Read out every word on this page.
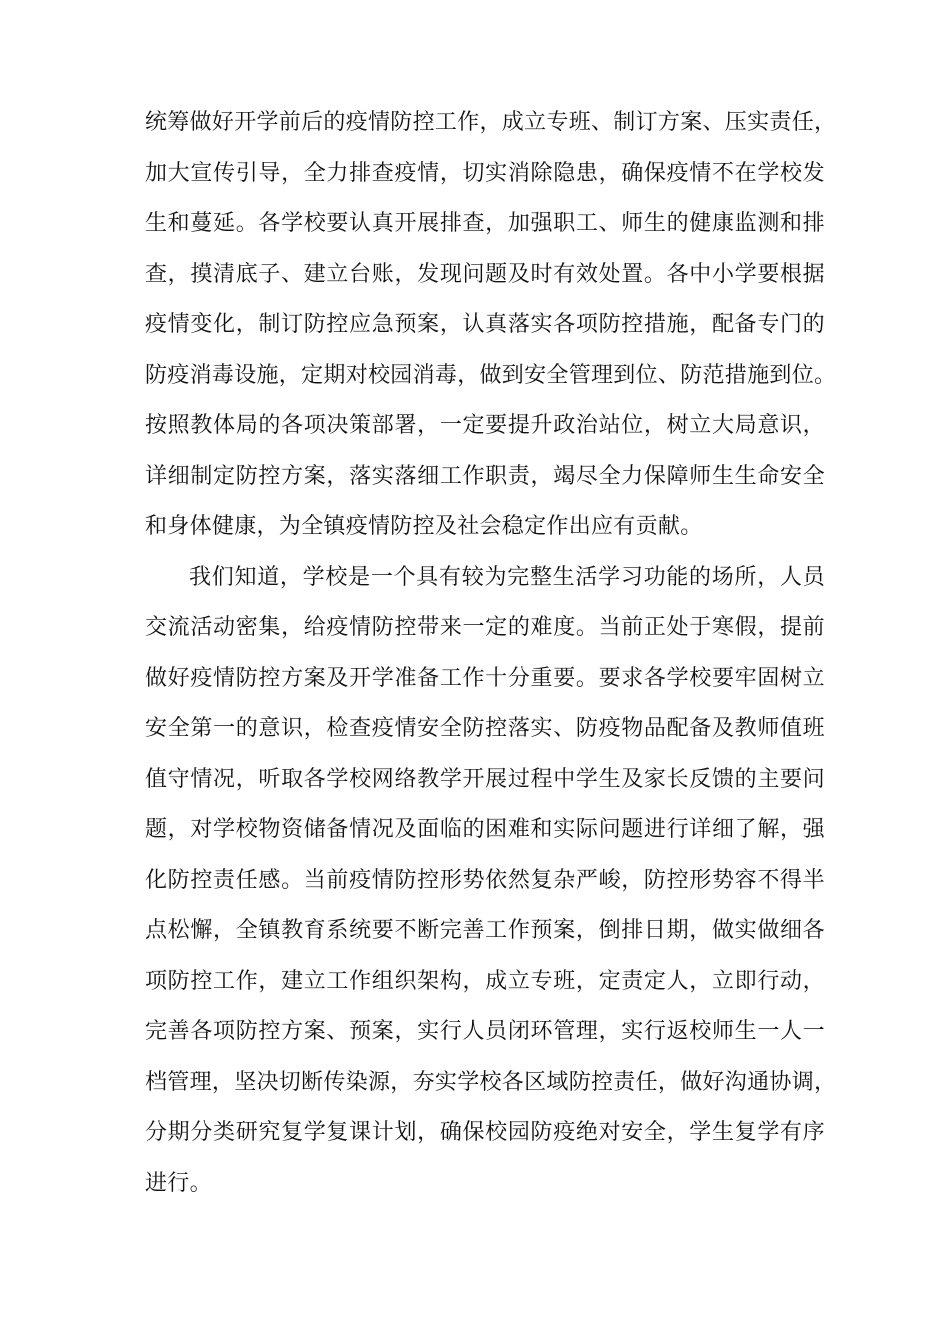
统筹做好开学前后的疫情防控工作，成立专班、制订方案、压实责任，
加大宣传引导，全力排查疫情，切实消除隐患，确保疫情不在学校发
生和蔓延。各学校要认真开展排查，加强职工、师生的健康监测和排
查，摸清底子、建立台账，发现问题及时有效处置。各中小学要根据
疫情变化，制订防控应急预案，认真落实各项防控措施，配备专门的
防疫消毒设施，定期对校园消毒，做到安全管理到位、防范措施到位。
按照教体局的各项决策部署，一定要提升政治站位，树立大局意识，
详细制定防控方案，落实落细工作职责，竭尽全力保障师生生命安全
和身体健康，为全镇疫情防控及社会稳定作出应有贡献。
我们知道，学校是一个具有较为完整生活学习功能的场所，人员
交流活动密集，给疫情防控带来一定的难度。当前正处于寒假，提前
做好疫情防控方案及开学准备工作十分重要。要求各学校要牢固树立
安全第一的意识，检查疫情安全防控落实、防疫物品配备及教师值班
值守情况，听取各学校网络教学开展过程中学生及家长反馈的主要问
题，对学校物资储备情况及面临的困难和实际问题进行详细了解，强
化防控责任感。当前疫情防控形势依然复杂严峻，防控形势容不得半
点松懈，全镇教育系统要不断完善工作预案，倒排日期，做实做细各
项防控工作，建立工作组织架构，成立专班，定责定人，立即行动，
完善各项防控方案、预案，实行人员闭环管理，实行返校师生一人一
档管理，坚决切断传染源，夯实学校各区域防控责任，做好沟通协调，
分期分类研究复学复课计划，确保校园防疫绝对安全，学生复学有序
进行。
